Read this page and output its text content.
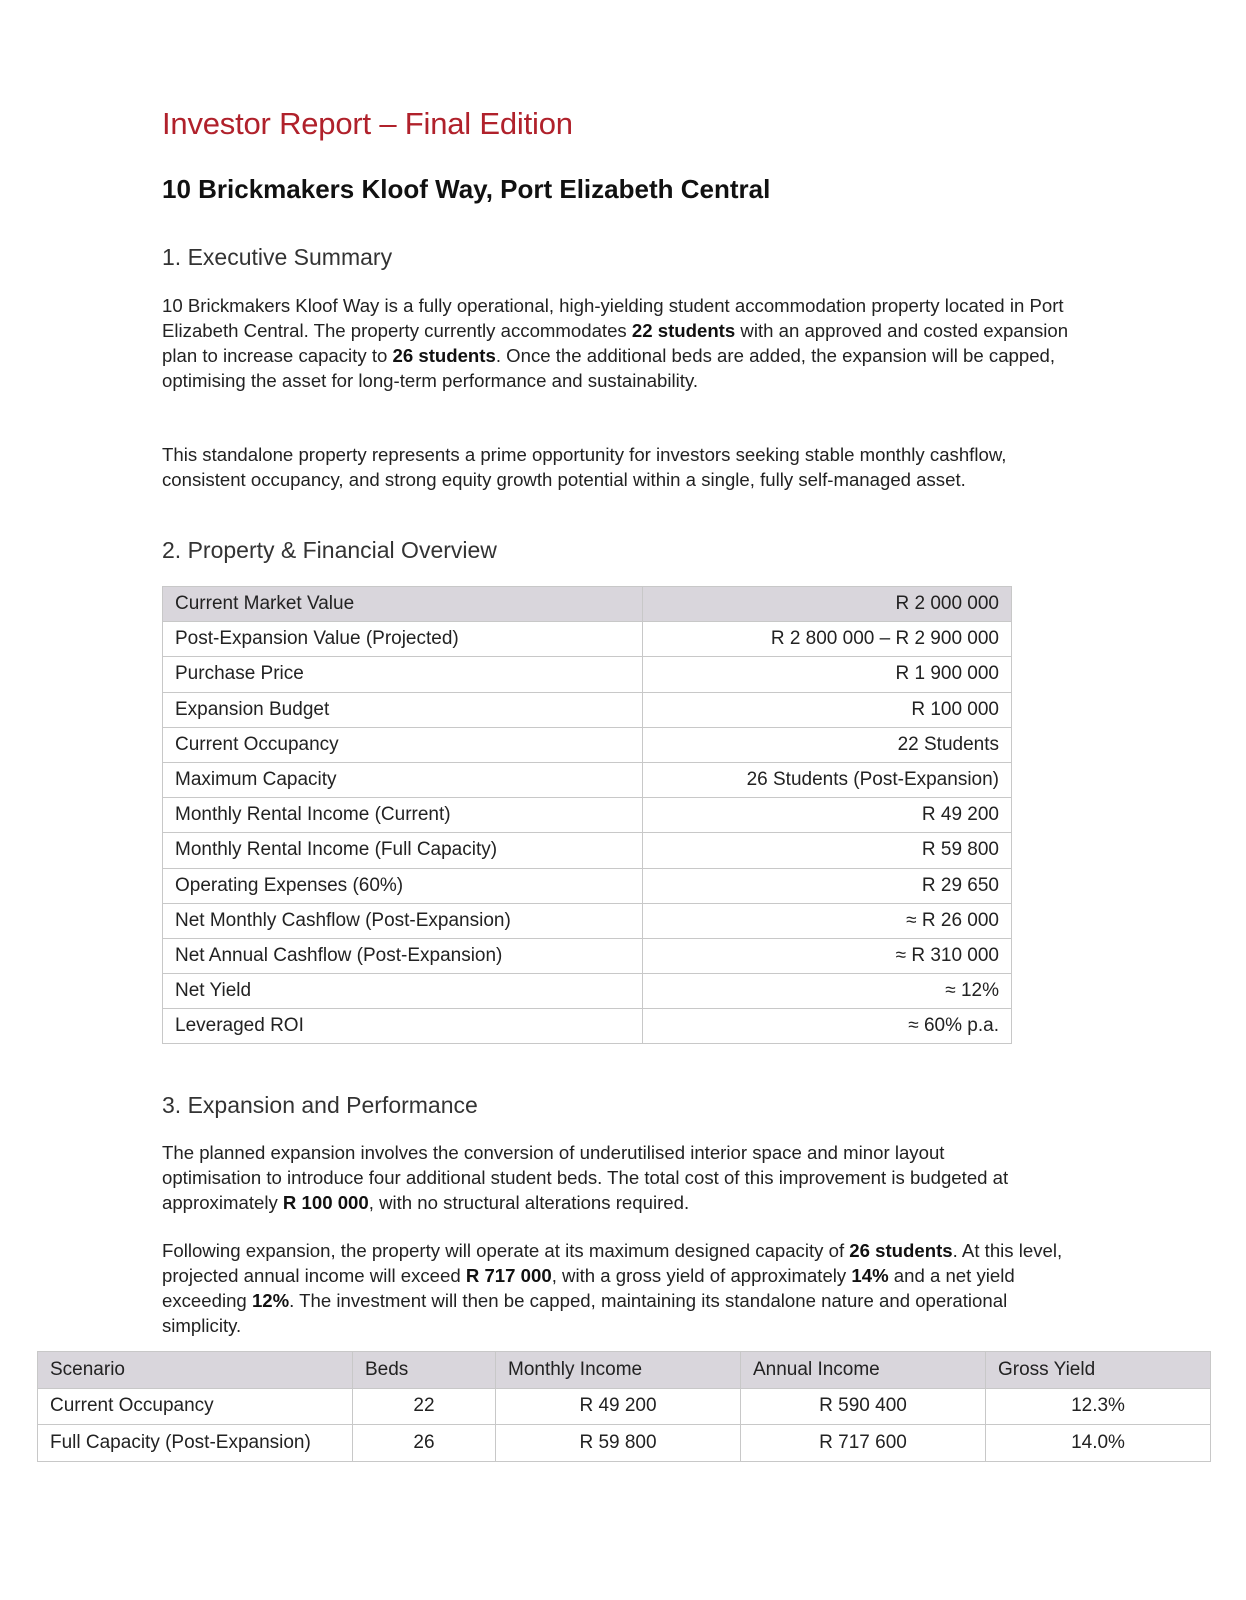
Investor Report – Final Edition
10 Brickmakers Kloof Way, Port Elizabeth Central
1. Executive Summary

10 Brickmakers Kloof Way is a fully operational, high-yielding student accommodation property located in Port Elizabeth Central. The property currently accommodates 22 students with an approved and costed expansion plan to increase capacity to 26 students. Once the additional beds are added, the expansion will be capped, optimising the asset for long-term performance and sustainability.

This standalone property represents a prime opportunity for investors seeking stable monthly cashflow, consistent occupancy, and strong equity growth potential within a single, fully self-managed asset.

2. Property & Financial Overview
Current Market Value	R 2 000 000
Post-Expansion Value (Projected)	R 2 800 000 – R 2 900 000
Purchase Price	R 1 900 000
Expansion Budget	R 100 000
Current Occupancy	22 Students
Maximum Capacity	26 Students (Post-Expansion)
Monthly Rental Income (Current)	R 49 200
Monthly Rental Income (Full Capacity)	R 59 800
Operating Expenses (60%)	R 29 650
Net Monthly Cashflow (Post-Expansion)	≈ R 26 000
Net Annual Cashflow (Post-Expansion)	≈ R 310 000
Net Yield	≈ 12%
Leveraged ROI	≈ 60% p.a.
3. Expansion and Performance

The planned expansion involves the conversion of underutilised interior space and minor layout optimisation to introduce four additional student beds. The total cost of this improvement is budgeted at approximately R 100 000, with no structural alterations required.

Following expansion, the property will operate at its maximum designed capacity of 26 students. At this level, projected annual income will exceed R 717 000, with a gross yield of approximately 14% and a net yield exceeding 12%. The investment will then be capped, maintaining its standalone nature and operational simplicity.

Scenario	Beds	Monthly Income	Annual Income	Gross Yield
Current Occupancy	22	R 49 200	R 590 400	12.3%
Full Capacity (Post-Expansion)	26	R 59 800	R 717 600	14.0%
